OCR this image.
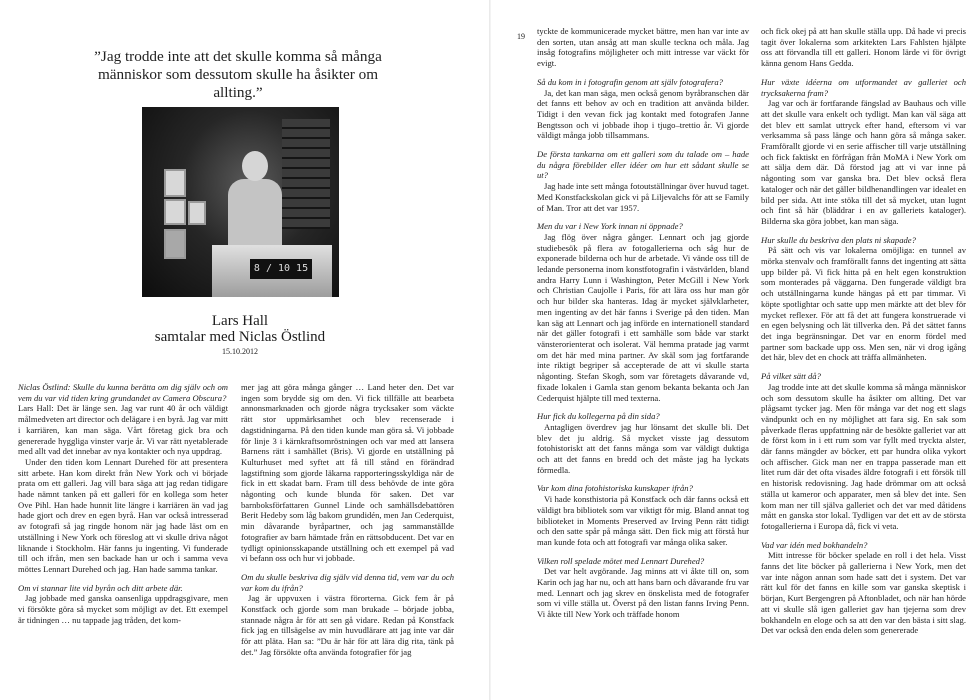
”Jag trodde inte att det skulle komma så många människor som dessutom skulle ha åsikter om allting.”
8 / 10 15
Lars Hall
samtalar med Niclas Östlind
15.10.2012
19

Niclas Östlind: Skulle du kunna berätta om dig själv och om vem du var vid tiden kring grundandet av Camera Obscura?

Lars Hall: Det är länge sen. Jag var runt 40 år och väldigt målmedveten art director och delägare i en byrå. Jag var mitt i karriären, kan man säga. Vårt företag gick bra och genererade hyggliga vinster varje år. Vi var rätt nyetablerade med allt vad det innebar av nya kontakter och nya uppdrag.

Under den tiden kom Lennart Durehed för att presentera sitt arbete. Han kom direkt från New York och vi började prata om ett galleri. Jag vill bara säga att jag redan tidigare hade nämnt tanken på ett galleri för en kollega som heter Ove Pihl. Han hade hunnit lite längre i karriären än vad jag hade gjort och drev en egen byrå. Han var också intresserad av fotografi så jag ringde honom när jag hade läst om en utställning i New York och föreslog att vi skulle driva något liknande i Stockholm. Här fanns ju ingenting. Vi funderade till och ifrån, men sen backade han ur och i samma veva möttes Lennart Durehed och jag. Han hade samma tankar.

Om vi stannar lite vid byrån och ditt arbete där.

Jag jobbade med ganska oansenliga uppdragsgivare, men vi försökte göra så mycket som möjligt av det. Ett exempel är tidningen … nu tappade jag tråden, det kom-

mer jag att göra många gånger … Land heter den. Det var ingen som brydde sig om den. Vi fick tillfälle att bearbeta annonsmarknaden och gjorde några trycksaker som väckte rätt stor uppmärksamhet och blev recenserade i dagstidningarna. På den tiden kunde man göra så. Vi jobbade för linje 3 i kärnkraftsomröstningen och var med att lansera Barnens rätt i samhället (Bris). Vi gjorde en utställning på Kulturhuset med syftet att få till stånd en förändrad lagstiftning som gjorde läkarna rapporteringsskyldiga när de fick in ett skadat barn. Fram till dess behövde de inte göra någonting och kunde blunda för saken. Det var barnboksförfattaren Gunnel Linde och samhällsdebattören Berit Hedeby som låg bakom grundidén, men Jan Cederquist, min dåvarande byråpartner, och jag sammanställde fotografier av barn hämtade från en rättsobducent. Det var en tydligt opinionsskapande utställning och ett exempel på vad vi befann oss och hur vi jobbade.

Om du skulle beskriva dig själv vid denna tid, vem var du och var kom du ifrån?

Jag är uppvuxen i västra förorterna. Gick fem år på Konstfack och gjorde som man brukade – började jobba, stannade några år för att sen gå vidare. Redan på Konstfack fick jag en tillsägelse av min huvudlärare att jag inte var där för att pläta. Han sa: ”Du är här för att lära dig rita, tänk på det.” Jag försökte ofta använda fotografier för jag

tyckte de kommunicerade mycket bättre, men han var inte av den sorten, utan ansåg att man skulle teckna och måla. Jag insåg fotografins möjligheter och mitt intresse var väckt för evigt.

Så du kom in i fotografin genom att själv fotografera?

Ja, det kan man säga, men också genom byråbranschen där det fanns ett behov av och en tradition att använda bilder. Tidigt i den vevan fick jag kontakt med fotografen Janne Bengtsson och vi jobbade ihop i tjugo–trettio år. Vi gjorde väldigt många jobb tillsammans.

De första tankarna om ett galleri som du talade om – hade du några förebilder eller idéer om hur ett sådant skulle se ut?

Jag hade inte sett många fotoutställningar över huvud taget. Med Konstfackskolan gick vi på Liljevalchs för att se Family of Man. Tror att det var 1957.

Men du var i New York innan ni öppnade?

Jag flög över några gånger. Lennart och jag gjorde studiebesök på flera av fotogallerierna och såg hur de exponerade bilderna och hur de arbetade. Vi vände oss till de ledande personerna inom konstfotografin i västvärlden, bland andra Harry Lunn i Washington, Peter McGill i New York och Christian Caujolle i Paris, för att lära oss hur man gör och hur bilder ska hanteras. Idag är mycket självklarheter, men ingenting av det här fanns i Sverige på den tiden. Man kan säg att Lennart och jag införde en internationell standard när det gäller fotografi i ett samhälle som både var starkt vänsterorienterat och isolerat. Väl hemma pratade jag varmt om det här med mina partner. Av skäl som jag fortfarande inte riktigt begriper så accepterade de att vi skulle starta någonting. Stefan Skogh, som var företagets dåvarande vd, fixade lokalen i Gamla stan genom bekanta bekanta och Jan Cederquist hjälpte till med texterna.

Hur fick du kollegerna på din sida?

Antagligen överdrev jag hur lönsamt det skulle bli. Det blev det ju aldrig. Så mycket visste jag dessutom fotohistoriskt att det fanns många som var väldigt duktiga och att det fanns en bredd och det måste jag ha lyckats förmedla.

Var kom dina fotohistoriska kunskaper ifrån?

Vi hade konsthistoria på Konstfack och där fanns också ett väldigt bra bibliotek som var viktigt för mig. Bland annat tog biblioteket in Moments Preserved av Irving Penn rätt tidigt och den satte spår på många sätt. Den fick mig att förstå hur man kunde fota och att fotografi var många olika saker.

Vilken roll spelade mötet med Lennart Durehed?

Det var helt avgörande. Jag minns att vi åkte till on, som Karin och jag har nu, och att hans barn och dåvarande fru var med. Lennart och jag skrev en önskelista med de fotografer som vi ville ställa ut. Överst på den listan fanns Irving Penn. Vi åkte till New York och träffade honom

och fick okej på att han skulle ställa upp. Då hade vi precis tagit över lokalerna som arkitekten Lars Fahlsten hjälpte oss att förvandla till ett galleri. Honom lärde vi för övrigt känna genom Hans Gedda.

Hur växte idéerna om utformandet av galleriet och trycksakerna fram?

Jag var och är fortfarande fängslad av Bauhaus och ville att det skulle vara enkelt och tydligt. Man kan väl säga att det blev ett samlat uttryck efter hand, eftersom vi var verksamma så pass länge och hann göra så många saker. Framförallt gjorde vi en serie affischer till varje utställning och fick faktiskt en förfrågan från MoMA i New York om att sälja dem där. Då förstod jag att vi var inne på någonting som var ganska bra. Det blev också flera kataloger och när det gäller bildhenandlingen var idealet en bild per sida. Att inte stöka till det så mycket, utan lugnt och fint så här (bläddrar i en av galleriets kataloger). Bilderna ska göra jobbet, kan man säga.

Hur skulle du beskriva den plats ni skapade?

På sätt och vis var lokalerna omöjliga: en tunnel av mörka stenvalv och framförallt fanns det ingenting att sätta upp bilder på. Vi fick hitta på en helt egen konstruktion som monterades på väggarna. Den fungerade väldigt bra och utställningarna kunde hängas på ett par timmar. Vi köpte spotlightar och satte upp men märkte att det blev för mycket reflexer. För att få det att fungera konstruerade vi en egen belysning och lät tillverka den. På det sättet fanns det inga begränsningar. Det var en enorm fördel med partner som backade upp oss. Men sen, när vi drog igång det här, blev det en chock att träffa allmänheten.

På vilket sätt då?

Jag trodde inte att det skulle komma så många människor och som dessutom skulle ha åsikter om allting. Det var plågsamt tycker jag. Men för många var det nog ett slags vändpunkt och en ny möjlighet att fara sig. En sak som påverkade fleras uppfattning när de besökte galleriet var att de först kom in i ett rum som var fyllt med tryckta alster, där fanns mängder av böcker, ett par hundra olika vykort och affischer. Gick man ner en trappa passerade man ett litet rum där det ofta visades äldre fotografi i ett försök till en historisk redovisning. Jag hade drömmar om att också ställa ut kameror och apparater, men så blev det inte. Sen kom man ner till själva galleriet och det var med dåtidens mått en ganska stor lokal. Tydligen var det ett av de största fotogallerierna i Europa då, fick vi veta.

Vad var idén med bokhandeln?

Mitt intresse för böcker spelade en roll i det hela. Visst fanns det lite böcker på gallerierna i New York, men det var inte någon annan som hade satt det i system. Det var rätt kul för det fanns en kille som var ganska skeptisk i början, Kurt Bergengren på Aftonbladet, och när han hörde att vi skulle slå igen galleriet gav han tjejerna som drev bokhandeln en eloge och sa att den var den bästa i sitt slag. Det var också den enda delen som genererade
